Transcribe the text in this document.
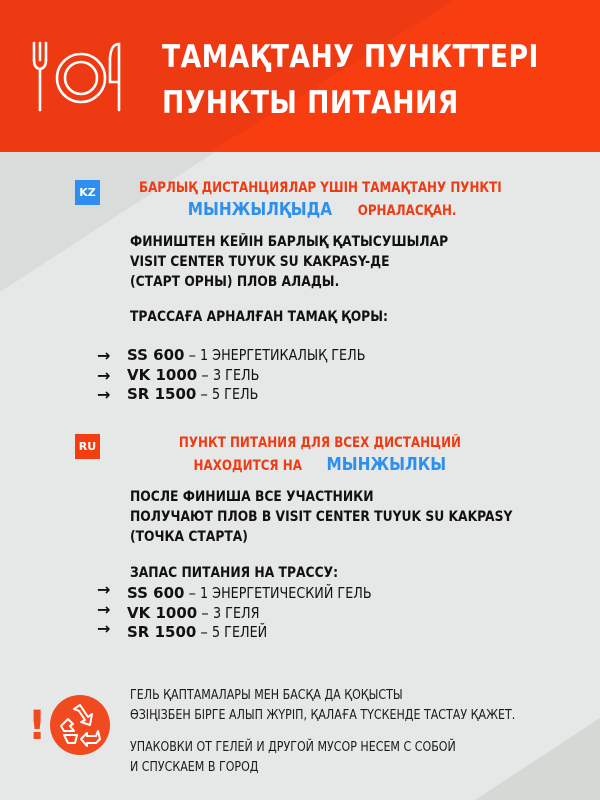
ТАМАҚТАНУ ПУНКТТЕРІ
ПУНКТЫ ПИТАНИЯ
KZ	БАРЛЫҚ ДИСТАНЦИЯЛАР ҮШІН ТАМАҚТАНУ ПУНКТІ
МЫНЖЫЛҚЫДА ОРНАЛАСҚАН.
ФИНИШТЕН КЕЙІН БАРЛЫҚ ҚАТЫСУШЫЛАР
VISIT CENTER TUYUK SU KAKPASY-ДЕ
(СТАРТ ОРНЫ) ПЛОВ АЛАДЫ.
ТРАССАҒА АРНАЛҒАН ТАМАҚ ҚОРЫ:
→	SS 600 – 1 ЭНЕРГЕТИКАЛЫҚ ГЕЛЬ
→	VK 1000 – 3 ГЕЛЬ
→	SR 1500 – 5 ГЕЛЬ
RU	ПУНКТ ПИТАНИЯ ДЛЯ ВСЕХ ДИСТАНЦИЙ
НАХОДИТСЯ НА МЫНЖЫЛКЫ
ПОСЛЕ ФИНИША ВСЕ УЧАСТНИКИ
ПОЛУЧАЮТ ПЛОВ В VISIT CENTER TUYUK SU KAKPASY
(ТОЧКА СТАРТА)
ЗАПАС ПИТАНИЯ НА ТРАССУ:
→	SS 600 – 1 ЭНЕРГЕТИЧЕСКИЙ ГЕЛЬ
→	VK 1000 – 3 ГЕЛЯ
→	SR 1500 – 5 ГЕЛЕЙ
!
ГЕЛЬ ҚАПТАМАЛАРЫ МЕН БАСҚА ДА ҚОҚЫСТЫ
ӨЗІҢІЗБЕН БІРГЕ АЛЫП ЖҮРІП, ҚАЛАҒА ТҮСКЕНДЕ ТАСТАУ ҚАЖЕТ.
УПАКОВКИ ОТ ГЕЛЕЙ И ДРУГОЙ МУСОР НЕСЕМ С СОБОЙ
И СПУСКАЕМ В ГОРОД
